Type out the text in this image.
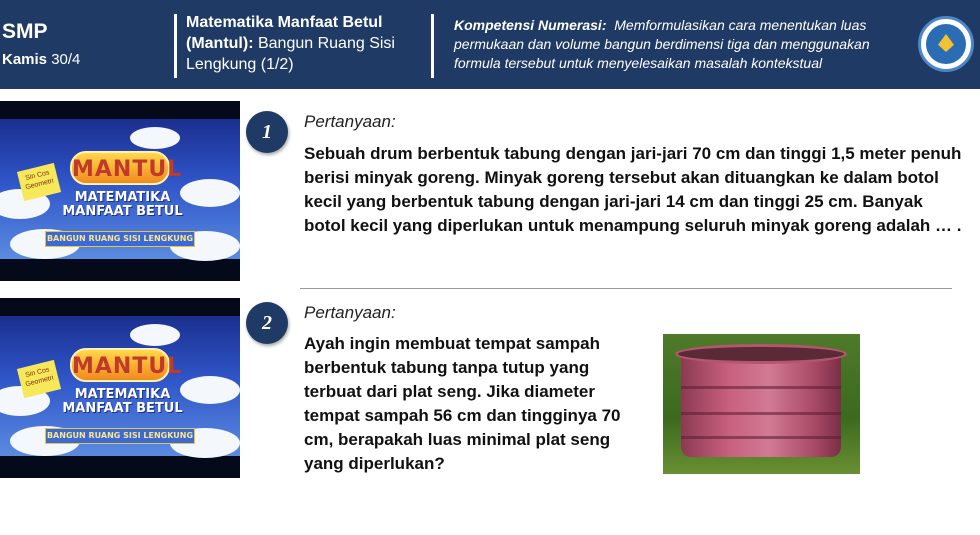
SMP
Kamis 30/4
Matematika Manfaat Betul (Mantul): Bangun Ruang Sisi Lengkung (1/2)
Kompetensi Numerasi: Memformulasikan cara menentukan luas permukaan dan volume bangun berdimensi tiga dan menggunakan formula tersebut untuk menyelesaikan masalah kontekstual
Sin Cos Geometri
MANTUL
MATEMATIKA MANFAAT BETUL
BANGUN RUANG SISI LENGKUNG
1	Pertanyaan:
Sebuah drum berbentuk tabung dengan jari-jari 70 cm dan tinggi 1,5 meter penuh berisi minyak goreng. Minyak goreng tersebut akan dituangkan ke dalam botol kecil yang berbentuk tabung dengan jari-jari 14 cm dan tinggi 25 cm. Banyak botol kecil yang diperlukan untuk menampung seluruh minyak goreng adalah … .
Sin Cos Geometri
MANTUL
MATEMATIKA MANFAAT BETUL
BANGUN RUANG SISI LENGKUNG
2	Pertanyaan:
Ayah ingin membuat tempat sampah berbentuk tabung tanpa tutup yang terbuat dari plat seng. Jika diameter tempat sampah 56 cm dan tingginya 70 cm, berapakah luas minimal plat seng yang diperlukan?
